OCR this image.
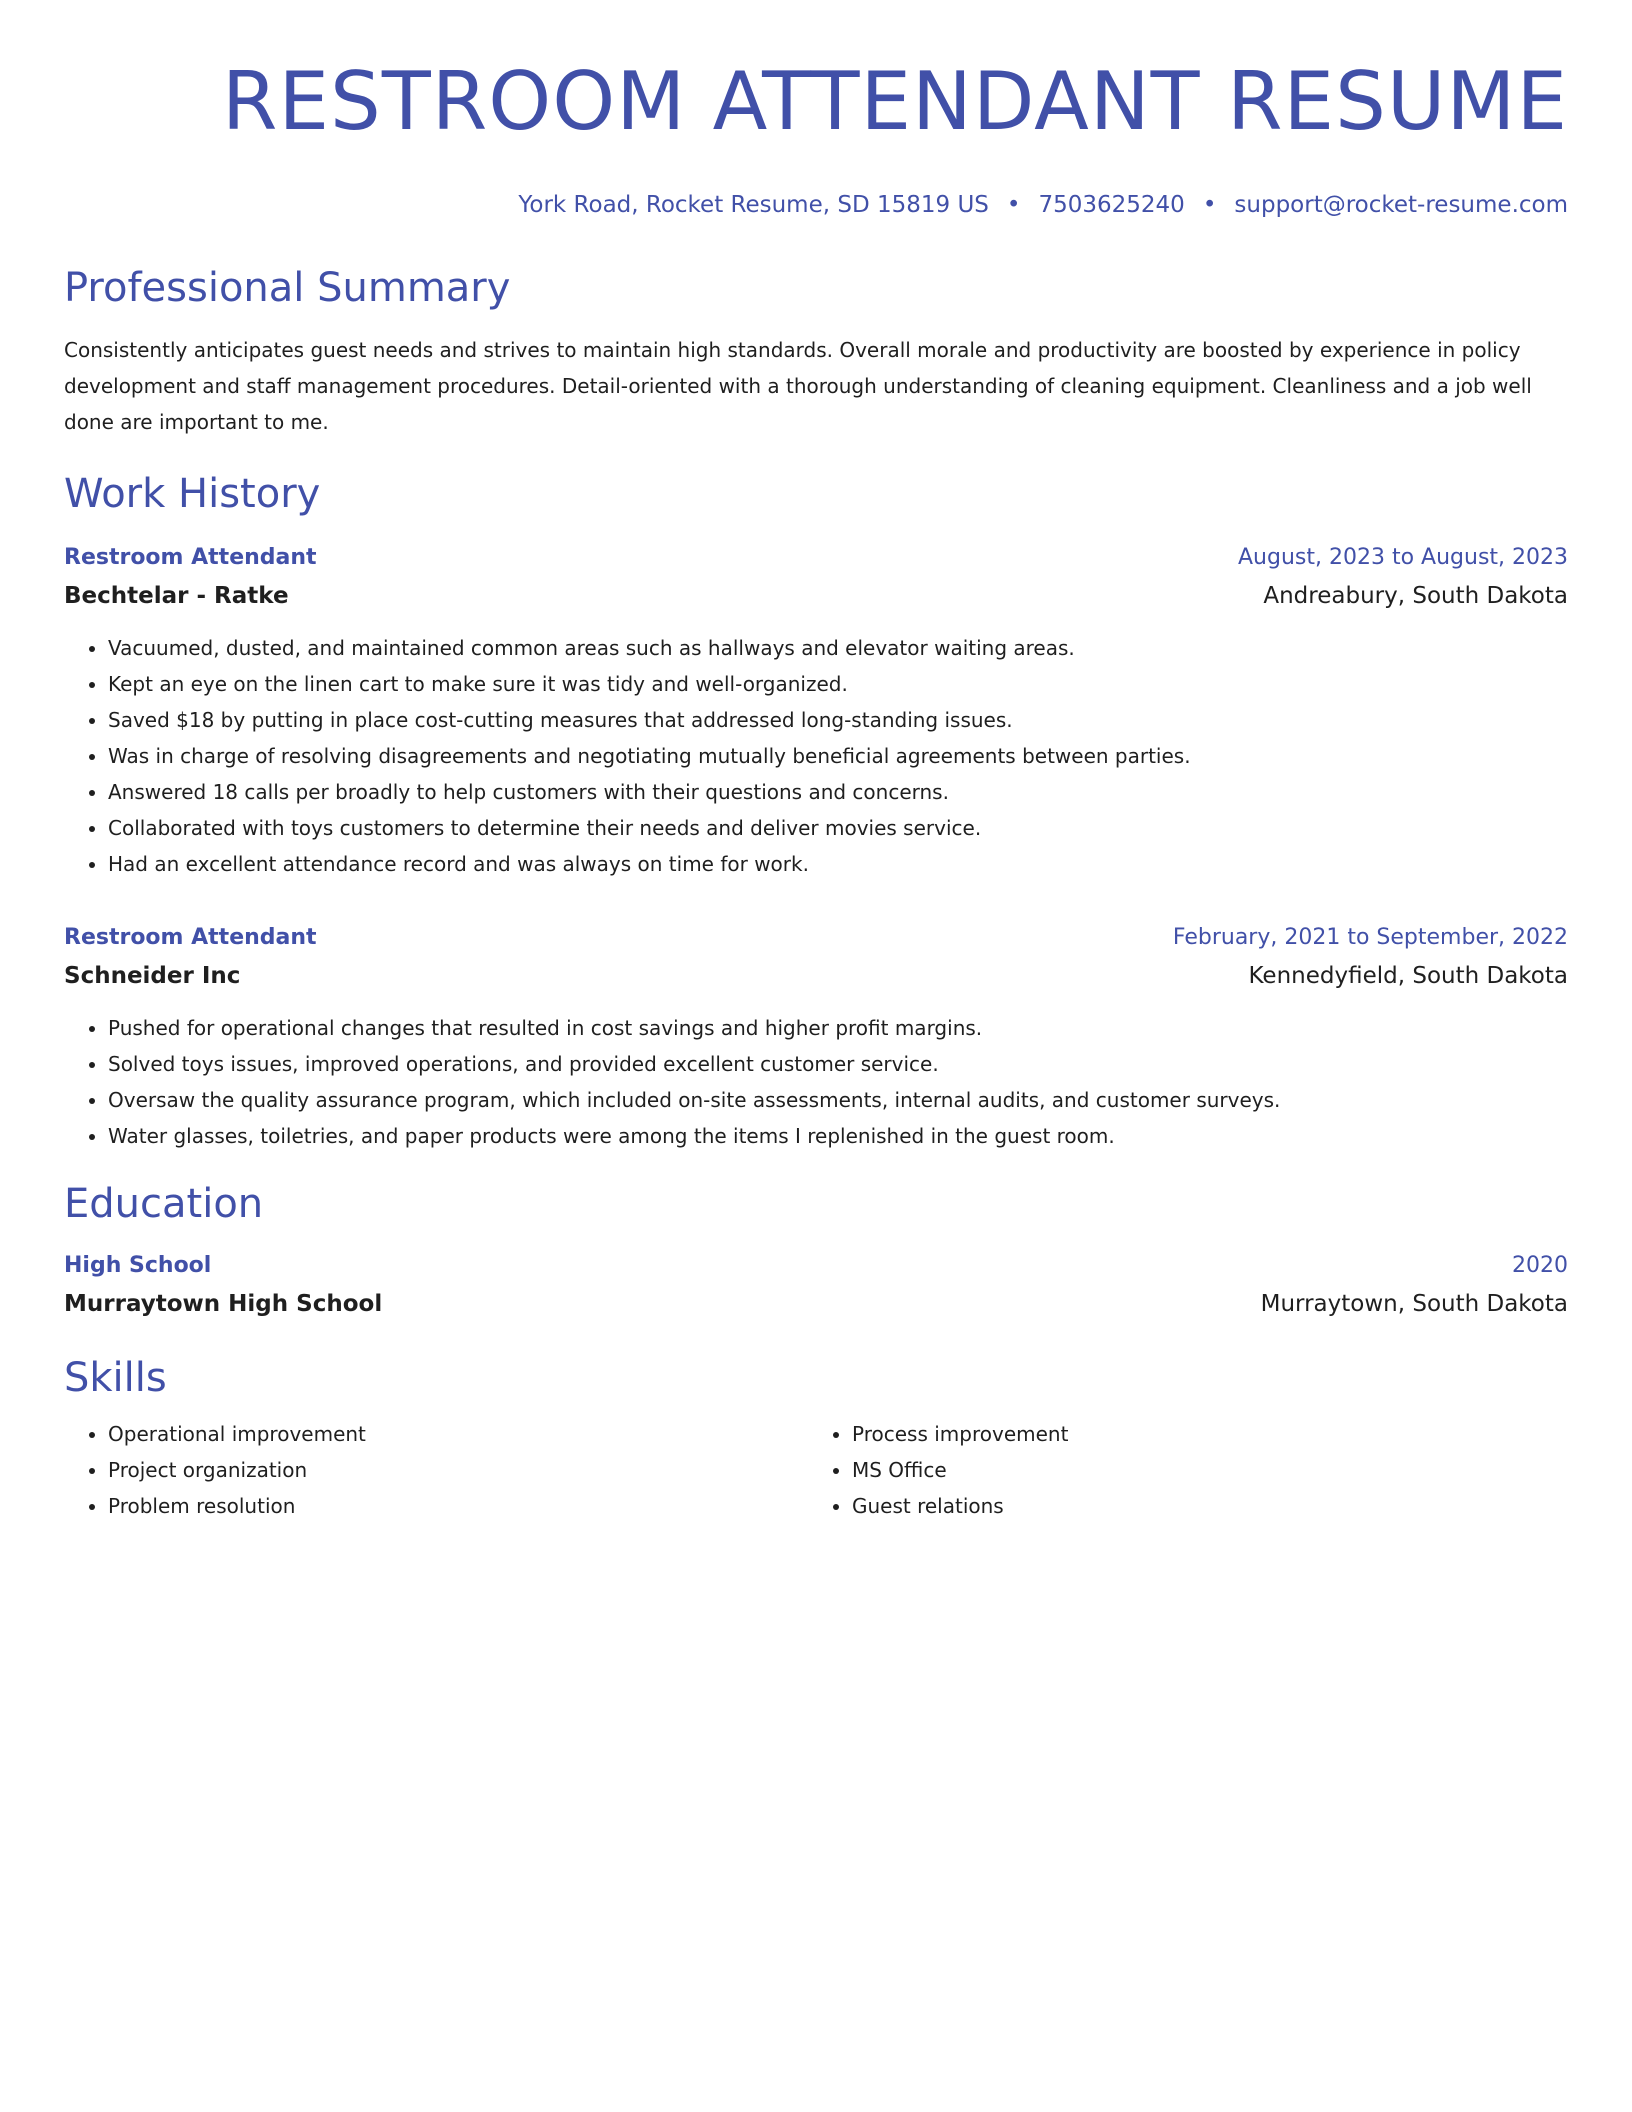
RESTROOM ATTENDANT RESUME
York Road, Rocket Resume, SD 15819 US • 7503625240 • support@rocket-resume.com
Professional Summary
Consistently anticipates guest needs and strives to maintain high standards. Overall morale and productivity are boosted by experience in policy development and staff management procedures. Detail-oriented with a thorough understanding of cleaning equipment. Cleanliness and a job well done are important to me.
Work History
Restroom Attendant	August, 2023 to August, 2023
Bechtelar - Ratke	Andreabury, South Dakota
• Vacuumed, dusted, and maintained common areas such as hallways and elevator waiting areas.
• Kept an eye on the linen cart to make sure it was tidy and well-organized.
• Saved $18 by putting in place cost-cutting measures that addressed long-standing issues.
• Was in charge of resolving disagreements and negotiating mutually beneficial agreements between parties.
• Answered 18 calls per broadly to help customers with their questions and concerns.
• Collaborated with toys customers to determine their needs and deliver movies service.
• Had an excellent attendance record and was always on time for work.
Restroom Attendant	February, 2021 to September, 2022
Schneider Inc	Kennedyfield, South Dakota
• Pushed for operational changes that resulted in cost savings and higher profit margins.
• Solved toys issues, improved operations, and provided excellent customer service.
• Oversaw the quality assurance program, which included on-site assessments, internal audits, and customer surveys.
• Water glasses, toiletries, and paper products were among the items I replenished in the guest room.
Education
High School	2020
Murraytown High School	Murraytown, South Dakota
Skills
• Operational improvement
• Project organization
• Problem resolution
• Process improvement
• MS Office
• Guest relations
